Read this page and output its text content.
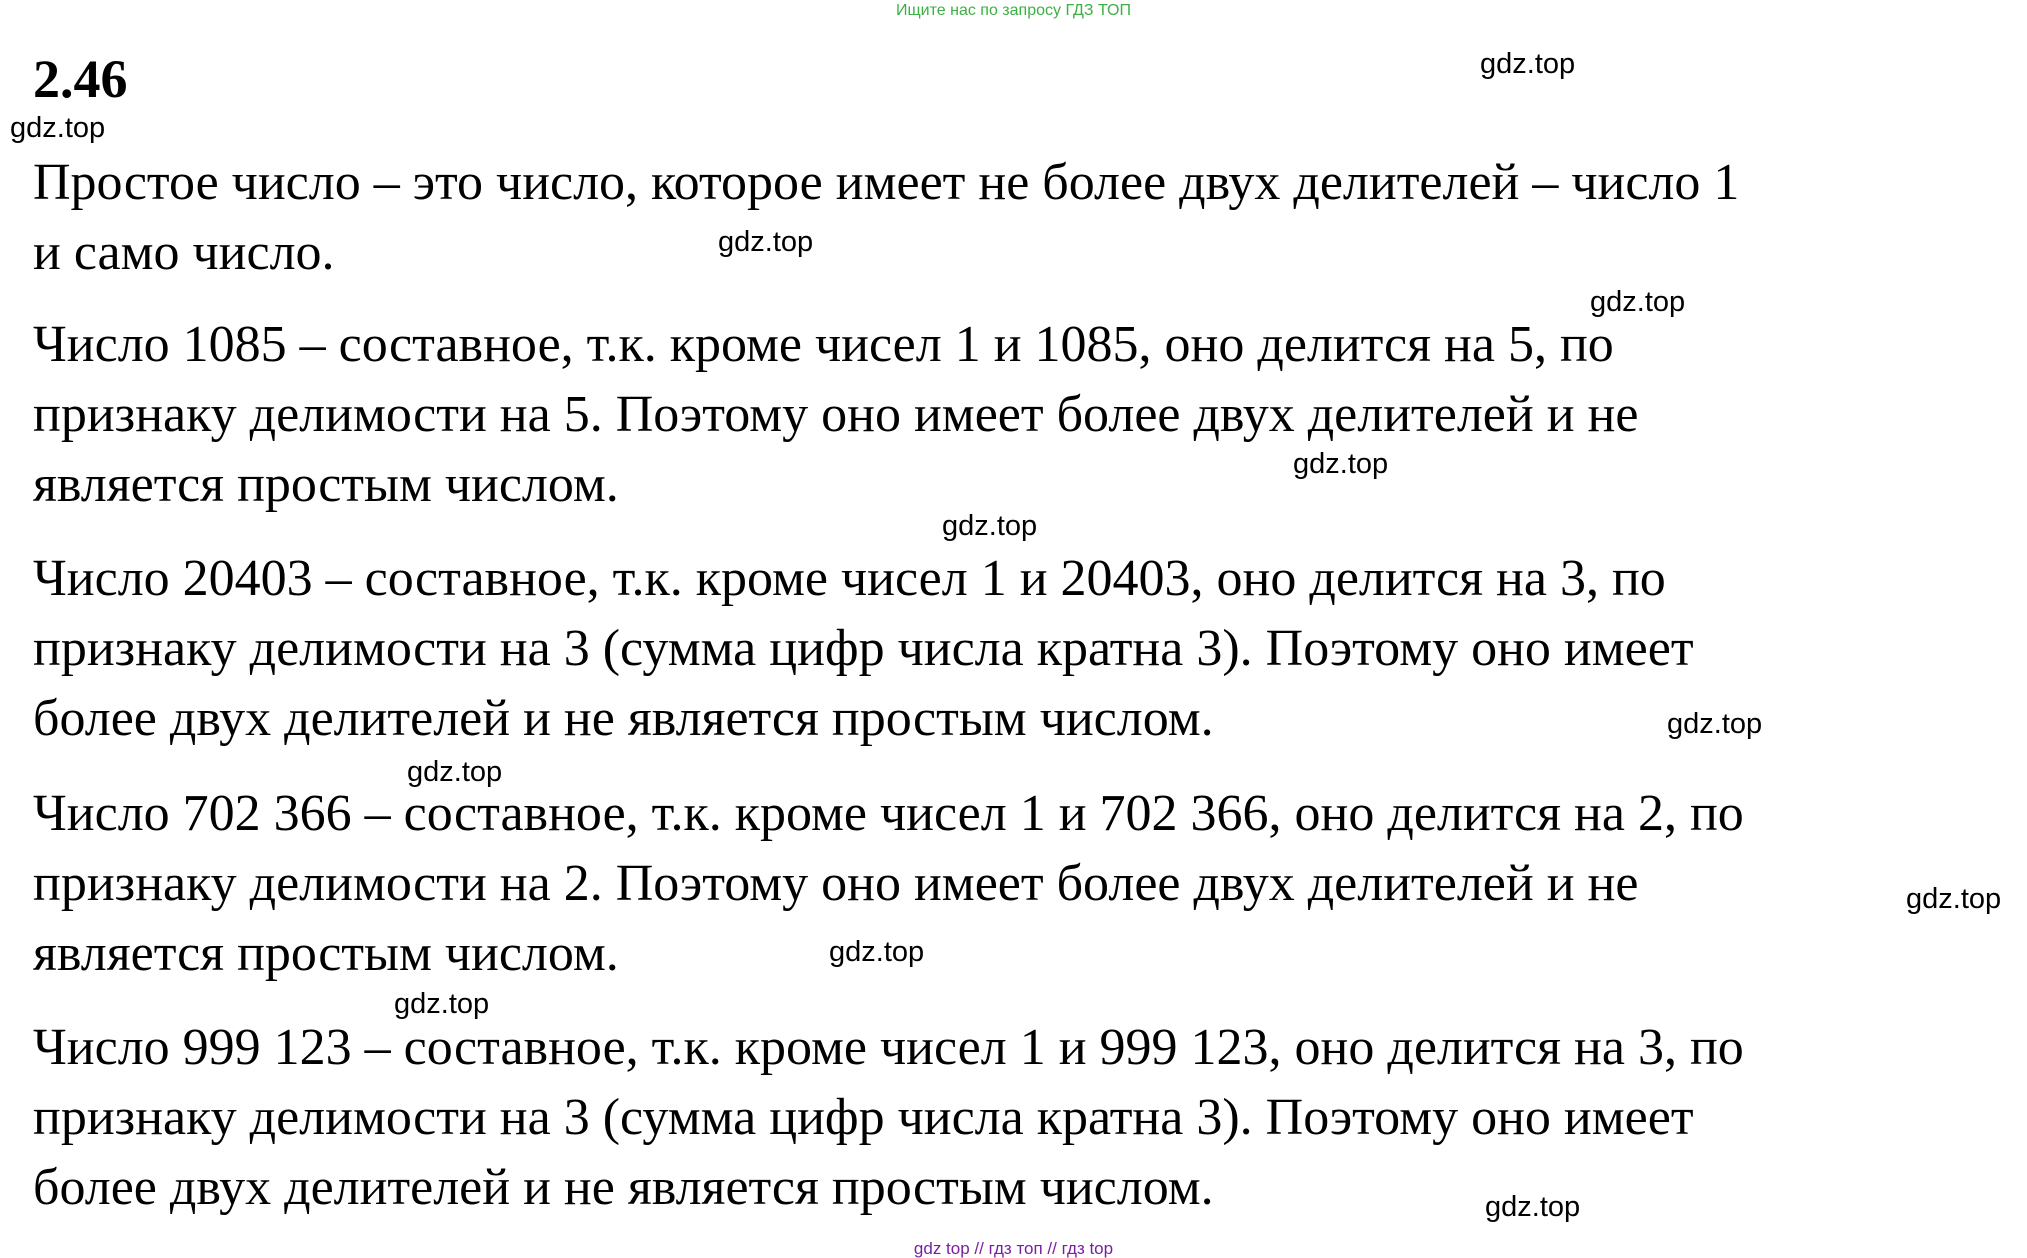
Ищите нас по запросу ГДЗ ТОП
2.46

Простое число – это число, которое имеет не более двух делителей – число 1
и само число.

Число 1085 – составное, т.к. кроме чисел 1 и 1085, оно делится на 5, по
признаку делимости на 5. Поэтому оно имеет более двух делителей и не
является простым числом.

Число 20403 – составное, т.к. кроме чисел 1 и 20403, оно делится на 3, по
признаку делимости на 3 (сумма цифр числа кратна 3). Поэтому оно имеет
более двух делителей и не является простым числом.

Число 702 366 – составное, т.к. кроме чисел 1 и 702 366, оно делится на 2, по
признаку делимости на 2. Поэтому оно имеет более двух делителей и не
является простым числом.

Число 999 123 – составное, т.к. кроме чисел 1 и 999 123, оно делится на 3, по
признаку делимости на 3 (сумма цифр числа кратна 3). Поэтому оно имеет
более двух делителей и не является простым числом.

gdz.top
gdz.top
gdz.top
gdz.top
gdz.top
gdz.top
gdz.top
gdz.top
gdz.top
gdz.top
gdz.top
gdz.top
gdz top // гдз топ // гдз top
